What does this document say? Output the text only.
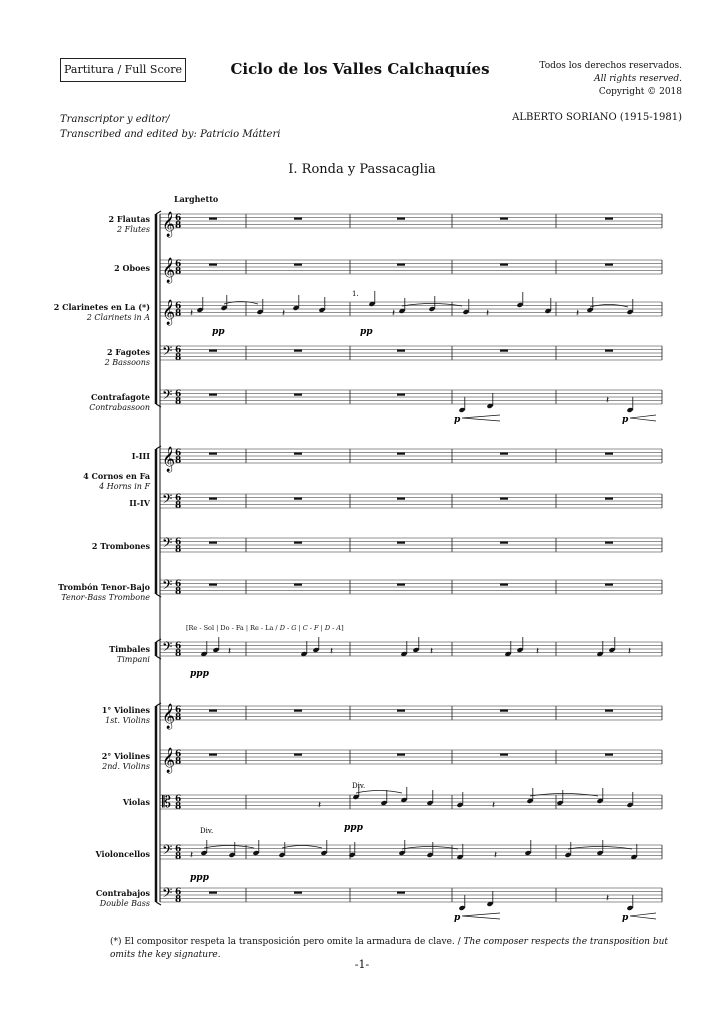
Partitura / Full Score	Ciclo de los Valles Calchaquíes	Todos los derechos reservados.
All rights reserved.
Copyright © 2018
Transcriptor y editor/
Transcribed and edited by: Patricio Mátteri
ALBERTO SORIANO (1915-1981)
I. Ronda y Passacaglia
Larghetto
2 Flautas
2 Flutes
2 Oboes
2 Clarinetes en La (*)
2 Clarinets in A
2 Fagotes
2 Bassoons
Contrafagote
Contrabassoon
I-III
4 Cornos en Fa
4 Horns in F
II-IV
2 Trombones
Trombón Tenor-Bajo
Tenor-Bass Trombone
Timbales
Timpani
1° Violines
1st. Violins
2° Violines
2nd. Violins
Violas
Violoncellos
Contrabajos
Double Bass
[Re - Sol | Do - Fa | Re - La / D - G | C - F | D - A]
𝄞 6
8
𝄞 6
8
𝄞 6
8
𝄢 6
8
𝄢 6
8
𝄞 6
8
𝄢 6
8
𝄢 6
8
𝄢 6
8
𝄢 6
8
𝄞 6
8
𝄞 6
8
𝄡 6
8
𝄢 6
8
𝄢 6
8
𝄽	𝄽	𝄽	𝄽	𝄽
𝄽
𝄽
𝄽	𝄽	𝄽	𝄽	𝄽
𝄽	𝄽
𝄽	𝄽
pp	pp
p	p
ppp
ppp
ppp
p	p
1.
Div.
Div.
(*) El compositor respeta la transposición pero omite la armadura de clave. / The composer respects the transposition but omits the key signature.
-1-
